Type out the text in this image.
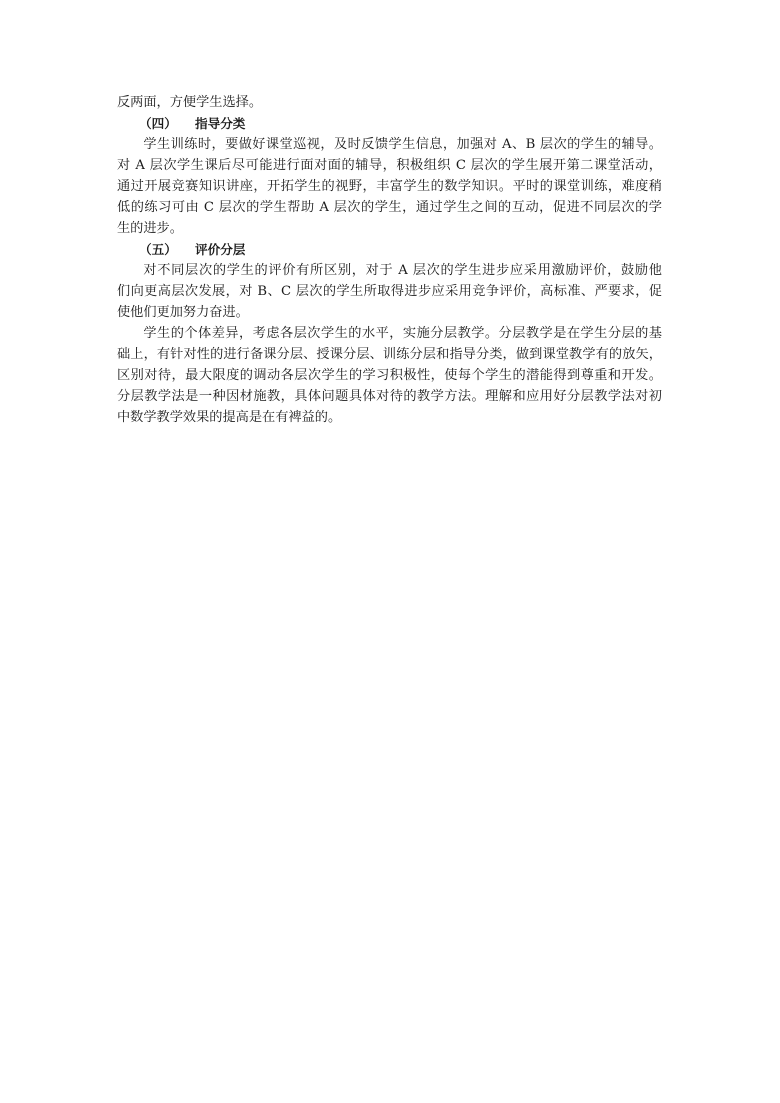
反两面，方便学生选择。
（四） 指导分类
学生训练时，要做好课堂巡视，及时反馈学生信息，加强对 A、B 层次的学生的辅导。
对 A 层次学生课后尽可能进行面对面的辅导，积极组织 C 层次的学生展开第二课堂活动，
通过开展竞赛知识讲座，开拓学生的视野，丰富学生的数学知识。平时的课堂训练，难度稍
低的练习可由 C 层次的学生帮助 A 层次的学生，通过学生之间的互动，促进不同层次的学
生的进步。
（五） 评价分层
对不同层次的学生的评价有所区别，对于 A 层次的学生进步应采用激励评价，鼓励他
们向更高层次发展，对 B、C 层次的学生所取得进步应采用竞争评价，高标准、严要求，促
使他们更加努力奋进。
学生的个体差异，考虑各层次学生的水平，实施分层教学。分层教学是在学生分层的基
础上，有针对性的进行备课分层、授课分层、训练分层和指导分类，做到课堂教学有的放矢，
区别对待，最大限度的调动各层次学生的学习积极性，使每个学生的潜能得到尊重和开发。
分层教学法是一种因材施教，具体问题具体对待的教学方法。理解和应用好分层教学法对初
中数学教学效果的提高是在有裨益的。
